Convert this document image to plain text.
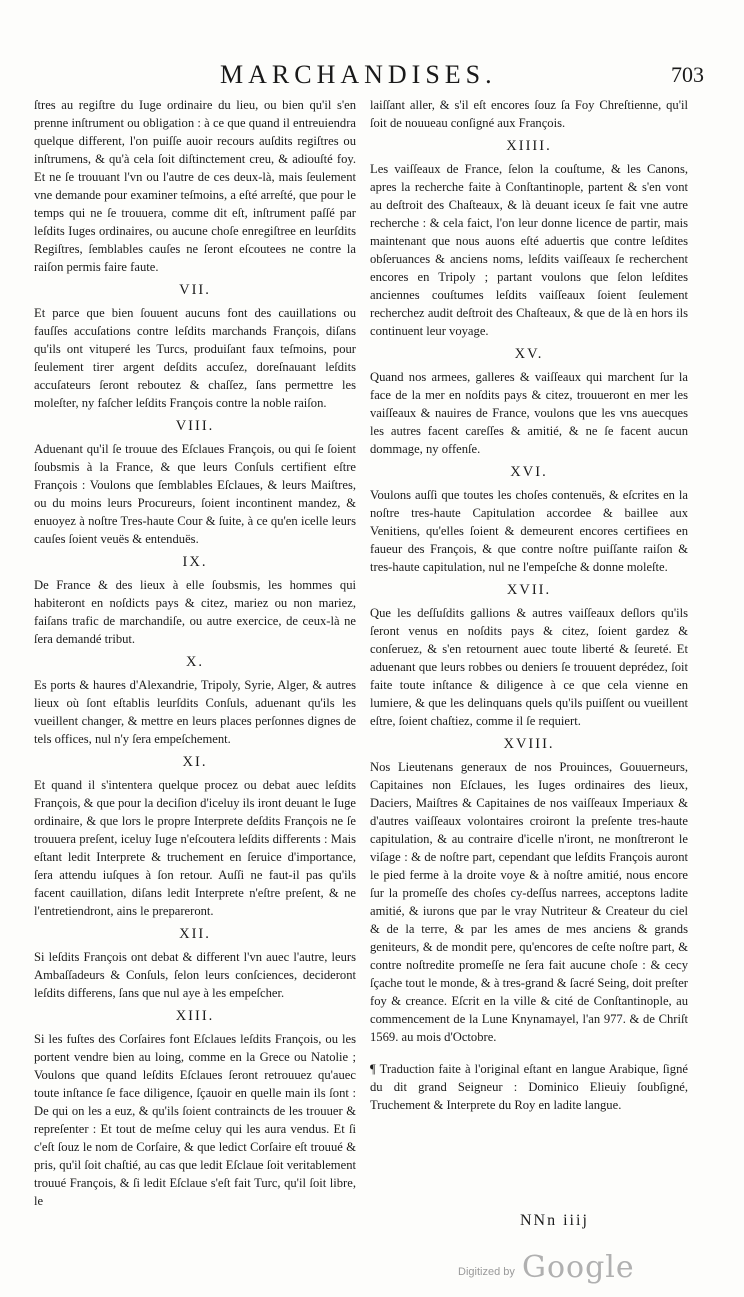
MARCHANDISES.	703

ſtres au regiſtre du Iuge ordinaire du lieu, ou bien qu'il s'en prenne inſtrument ou obligation : à ce que quand il entreuiendra quelque different, l'on puiſſe auoir recours auſdits regiſtres ou inſtrumens, & qu'à cela ſoit diſtinctement creu, & adiouſté foy. Et ne ſe trouuant l'vn ou l'autre de ces deux-là, mais ſeulement vne demande pour examiner teſmoins, a eſté arreſté, que pour le temps qui ne ſe trouuera, comme dit eſt, inſtrument paſſé par leſdits Iuges ordinaires, ou aucune choſe enregiſtree en leurſdits Regiſtres, ſemblables cauſes ne ſeront eſcoutees ne contre la raiſon permis faire faute.

VII.

Et parce que bien ſouuent aucuns font des cauillations ou fauſſes accuſations contre leſdits marchands François, diſans qu'ils ont vituperé les Turcs, produiſant faux teſmoins, pour ſeulement tirer argent deſdits accuſez, doreſnauant leſdits accuſateurs ſeront reboutez & chaſſez, ſans permettre les moleſter, ny faſcher leſdits François contre la noble raiſon.

VIII.

Aduenant qu'il ſe trouue des Eſclaues François, ou qui ſe ſoient ſoubsmis à la France, & que leurs Conſuls certifient eſtre François : Voulons que ſemblables Eſclaues, & leurs Maiſtres, ou du moins leurs Procureurs, ſoient incontinent mandez, & enuoyez à noſtre Tres-haute Cour & ſuite, à ce qu'en icelle leurs cauſes ſoient veuës & entenduës.

IX.

De France & des lieux à elle ſoubsmis, les hommes qui habiteront en noſdicts pays & citez, mariez ou non mariez, faiſans trafic de marchandiſe, ou autre exercice, de ceux-là ne ſera demandé tribut.

X.

Es ports & haures d'Alexandrie, Tripoly, Syrie, Alger, & autres lieux où ſont eſtablis leurſdits Conſuls, aduenant qu'ils les vueillent changer, & mettre en leurs places perſonnes dignes de tels offices, nul n'y ſera empeſchement.

XI.

Et quand il s'intentera quelque procez ou debat auec leſdits François, & que pour la deciſion d'iceluy ils iront deuant le Iuge ordinaire, & que lors le propre Interprete deſdits François ne ſe trouuera preſent, iceluy Iuge n'eſcoutera leſdits differents : Mais eſtant ledit Interprete & truchement en ſeruice d'importance, ſera attendu iuſques à ſon retour. Auſſi ne faut-il pas qu'ils facent cauillation, diſans ledit Interprete n'eſtre preſent, & ne l'entretiendront, ains le prepareront.

XII.

Si leſdits François ont debat & different l'vn auec l'autre, leurs Ambaſſadeurs & Conſuls, ſelon leurs conſciences, decideront leſdits differens, ſans que nul aye à les empeſcher.

XIII.

Si les fuſtes des Corſaires font Eſclaues leſdits François, ou les portent vendre bien au loing, comme en la Grece ou Natolie ; Voulons que quand leſdits Eſclaues ſeront retrouuez qu'auec toute inſtance ſe face diligence, ſçauoir en quelle main ils ſont : De qui on les a euz, & qu'ils ſoient contraincts de les trouuer & repreſenter : Et tout de meſme celuy qui les aura vendus. Et ſi c'eſt ſouz le nom de Corſaire, & que ledict Corſaire eſt trouué & pris, qu'il ſoit chaſtié, au cas que ledit Eſclaue ſoit veritablement trouué François, & ſi ledit Eſclaue s'eſt fait Turc, qu'il ſoit libre, le

laiſſant aller, & s'il eſt encores ſouz ſa Foy Chreſtienne, qu'il ſoit de nouueau conſigné aux François.

XIIII.

Les vaiſſeaux de France, ſelon la couſtume, & les Canons, apres la recherche faite à Conſtantinople, partent & s'en vont au deſtroit des Chaſteaux, & là deuant iceux ſe fait vne autre recherche : & cela faict, l'on leur donne licence de partir, mais maintenant que nous auons eſté aduertis que contre leſdites obſeruances & anciens noms, leſdits vaiſſeaux ſe recherchent encores en Tripoly ; partant voulons que ſelon leſdites anciennes couſtumes leſdits vaiſſeaux ſoient ſeulement recherchez audit deſtroit des Chaſteaux, & que de là en hors ils continuent leur voyage.

XV.

Quand nos armees, galleres & vaiſſeaux qui marchent ſur la face de la mer en noſdits pays & citez, trouueront en mer les vaiſſeaux & nauires de France, voulons que les vns auecques les autres facent careſſes & amitié, & ne ſe facent aucun dommage, ny offenſe.

XVI.

Voulons auſſi que toutes les choſes contenuës, & eſcrites en la noſtre tres-haute Capitulation accordee & baillee aux Venitiens, qu'elles ſoient & demeurent encores certifiees en faueur des François, & que contre noſtre puiſſante raiſon & tres-haute capitulation, nul ne l'empeſche & donne moleſte.

XVII.

Que les deſſuſdits gallions & autres vaiſſeaux deſlors qu'ils ſeront venus en noſdits pays & citez, ſoient gardez & conſeruez, & s'en retournent auec toute liberté & ſeureté. Et aduenant que leurs robbes ou deniers ſe trouuent deprédez, ſoit faite toute inſtance & diligence à ce que cela vienne en lumiere, & que les delinquans quels qu'ils puiſſent ou vueillent eſtre, ſoient chaſtiez, comme il ſe requiert.

XVIII.

Nos Lieutenans generaux de nos Prouinces, Gouuerneurs, Capitaines non Eſclaues, les Iuges ordinaires des lieux, Daciers, Maiſtres & Capitaines de nos vaiſſeaux Imperiaux & d'autres vaiſſeaux volontaires croiront la preſente tres-haute capitulation, & au contraire d'icelle n'iront, ne monſtreront le viſage : & de noſtre part, cependant que leſdits François auront le pied ferme à la droite voye & à noſtre amitié, nous encore ſur la promeſſe des choſes cy-deſſus narrees, acceptons ladite amitié, & iurons que par le vray Nutriteur & Createur du ciel & de la terre, & par les ames de mes anciens & grands geniteurs, & de mondit pere, qu'encores de ceſte noſtre part, & contre noſtredite promeſſe ne ſera fait aucune choſe : & cecy ſçache tout le monde, & à tres-grand & ſacré Seing, doit preſter foy & creance. Eſcrit en la ville & cité de Conſtantinople, au commencement de la Lune Knynamayel, l'an 977. & de Chriſt 1569. au mois d'Octobre.

¶ Traduction faite à l'original eſtant en langue Arabique, ſigné du dit grand Seigneur : Dominico Elieuiy ſoubſigné, Truchement & Interprete du Roy en ladite langue.

NNn iiij
Digitized by Google
